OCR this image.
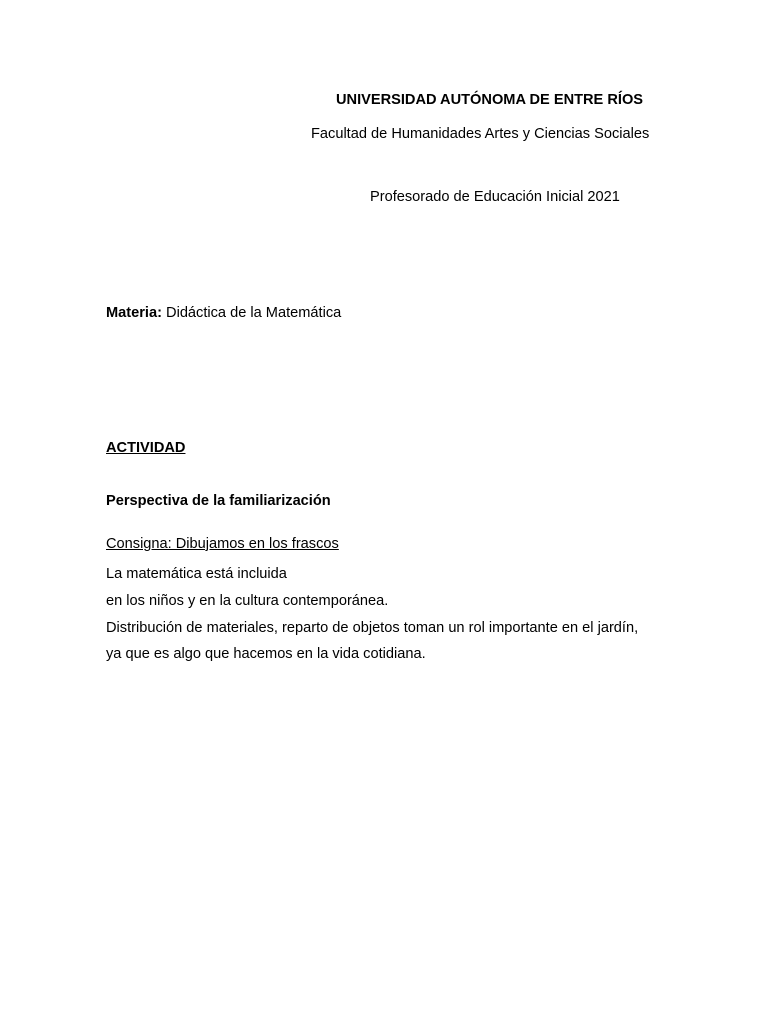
UNIVERSIDAD AUTÓNOMA DE ENTRE RÍOS
Facultad de Humanidades Artes y Ciencias Sociales
Profesorado de Educación Inicial 2021
Materia: Didáctica de la Matemática
ACTIVIDAD
Perspectiva de la familiarización
Consigna: Dibujamos en los frascos
La matemática está incluida
en los niños y en la cultura contemporánea.
Distribución de materiales, reparto de objetos toman un rol importante en el jardín,
ya que es algo que hacemos en la vida cotidiana.
